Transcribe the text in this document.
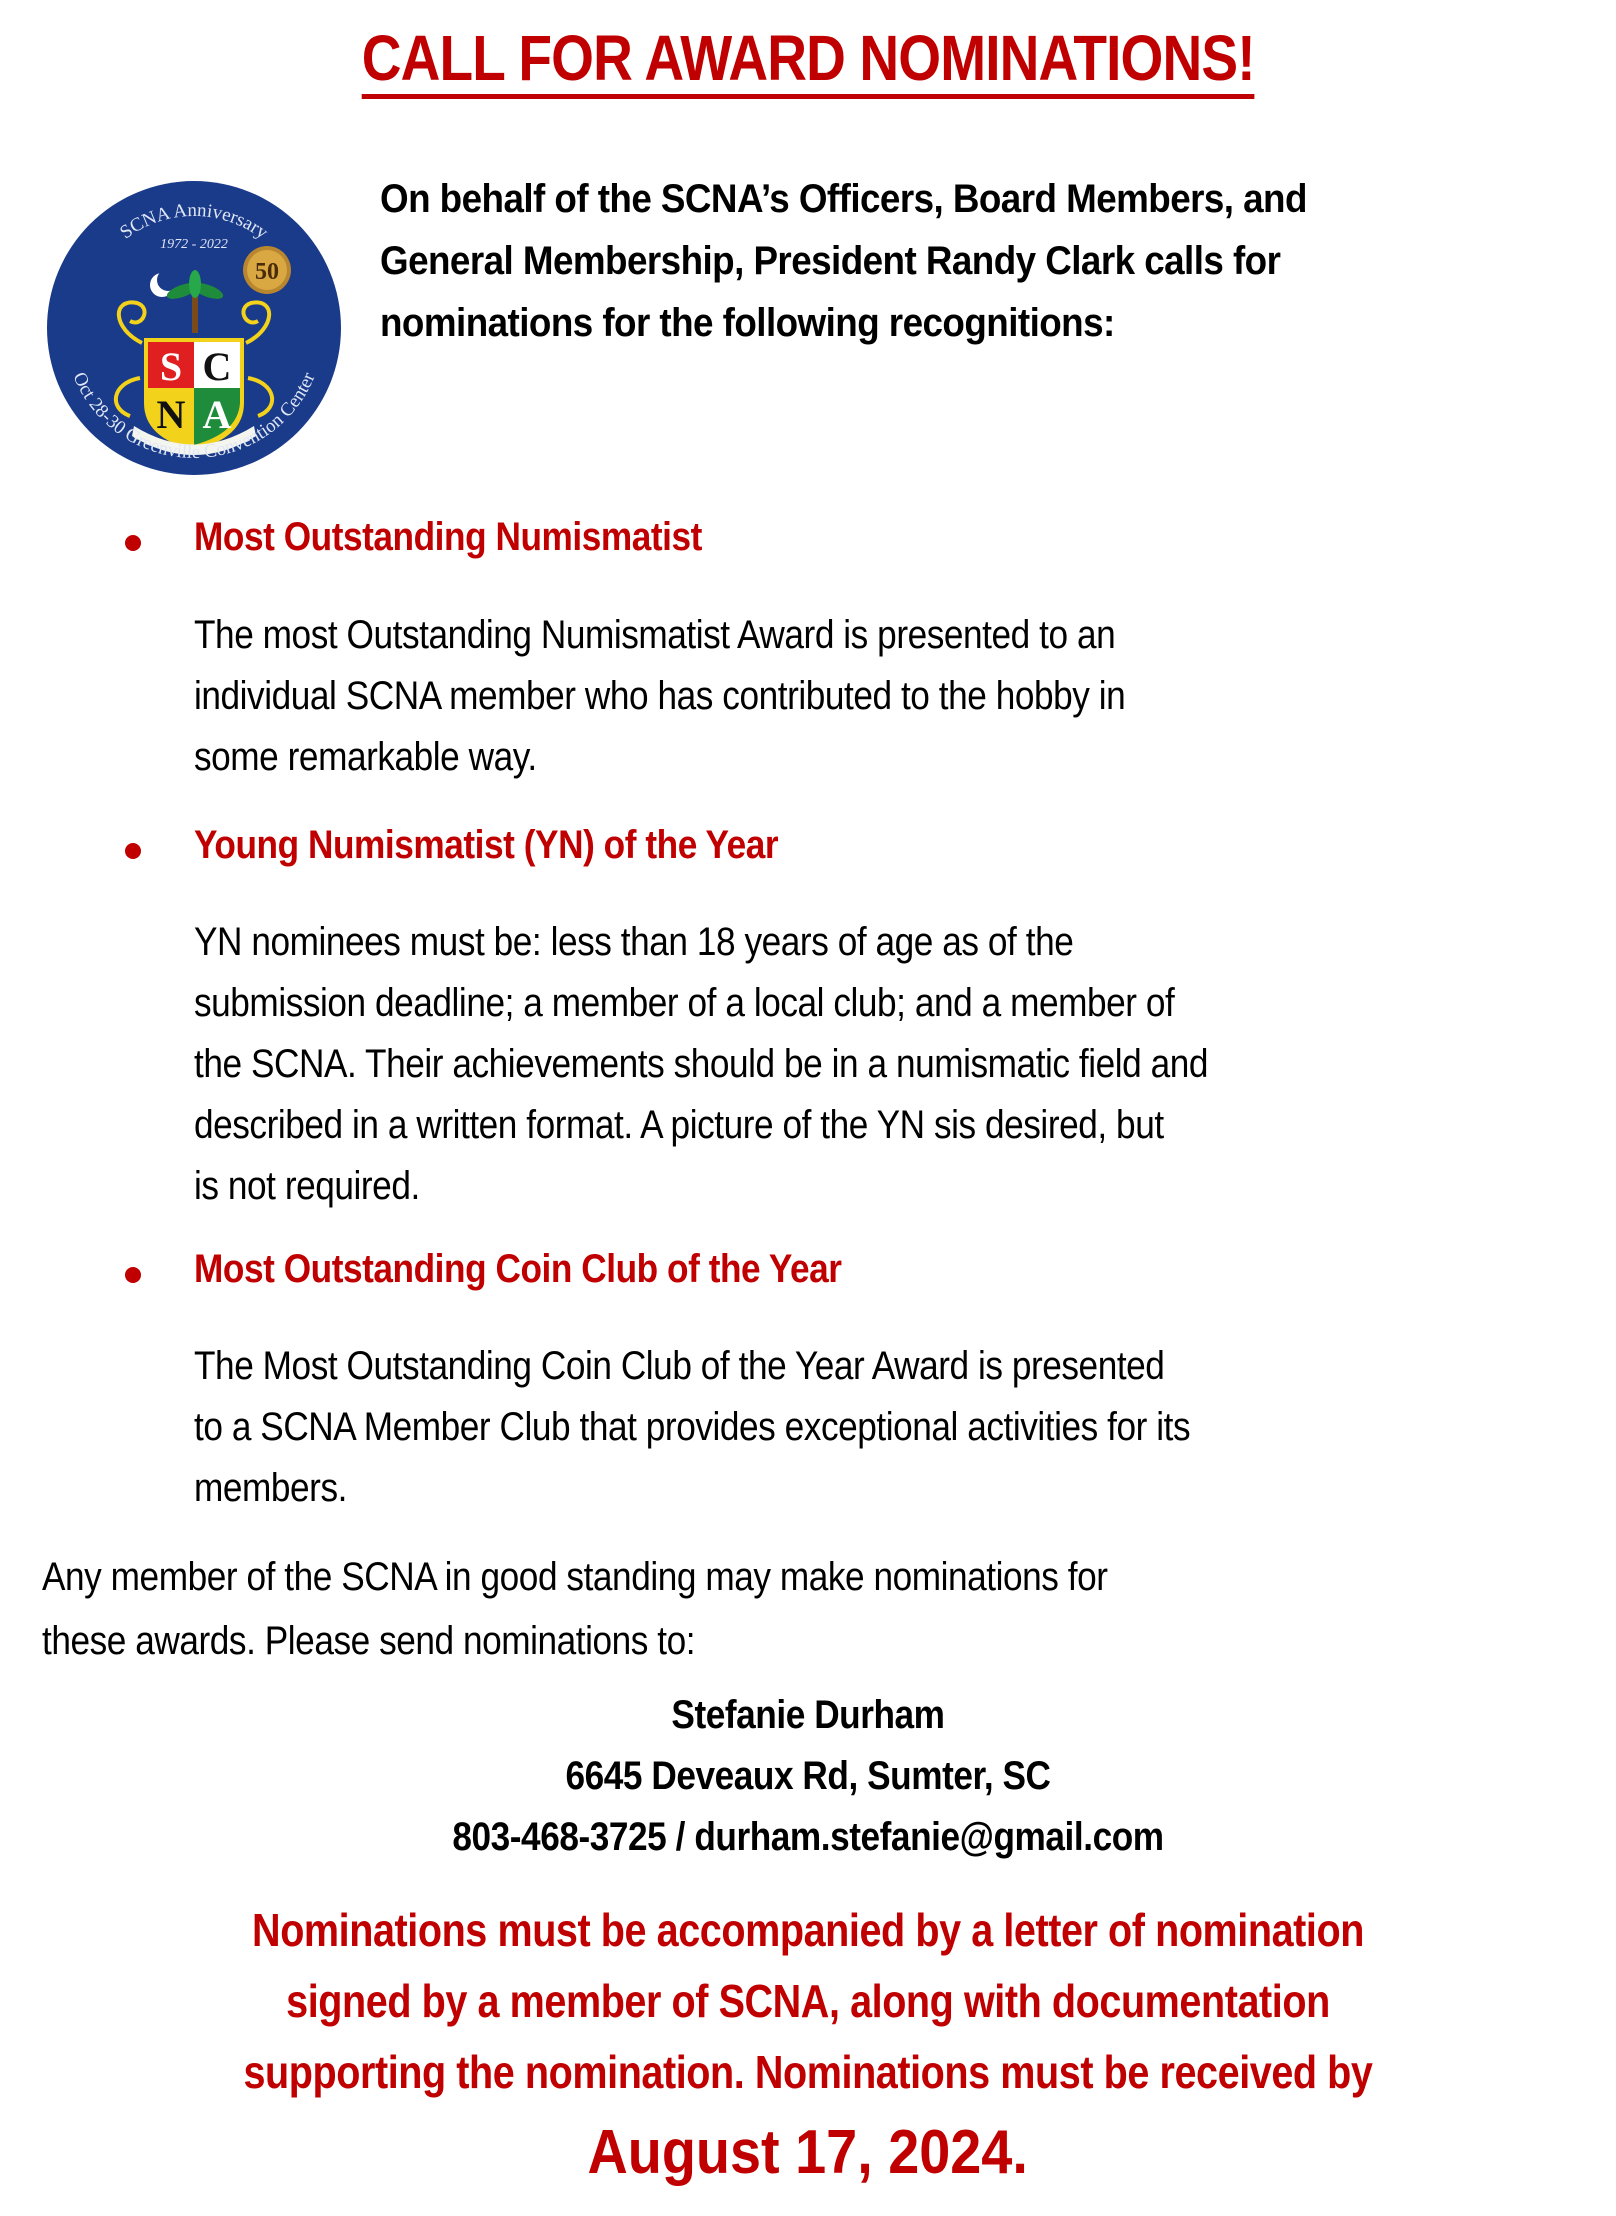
CALL FOR AWARD NOMINATIONS!
SCNA Anniversary
1972 - 2022
50
S C
N A
Oct 28-30 Greenville Convention Center
On behalf of the SCNA’s Officers, Board Members, and
General Membership, President Randy Clark calls for
nominations for the following recognitions:
Most Outstanding Numismatist
The most Outstanding Numismatist Award is presented to an
individual SCNA member who has contributed to the hobby in
some remarkable way.
Young Numismatist (YN) of the Year
YN nominees must be: less than 18 years of age as of the
submission deadline; a member of a local club; and a member of
the SCNA. Their achievements should be in a numismatic field and
described in a written format. A picture of the YN sis desired, but
is not required.
Most Outstanding Coin Club of the Year
The Most Outstanding Coin Club of the Year Award is presented
to a SCNA Member Club that provides exceptional activities for its
members.
Any member of the SCNA in good standing may make nominations for
these awards. Please send nominations to:
Stefanie Durham
6645 Deveaux Rd, Sumter, SC
803-468-3725 / durham.stefanie@gmail.com
Nominations must be accompanied by a letter of nomination
signed by a member of SCNA, along with documentation
supporting the nomination. Nominations must be received by
August 17, 2024.
